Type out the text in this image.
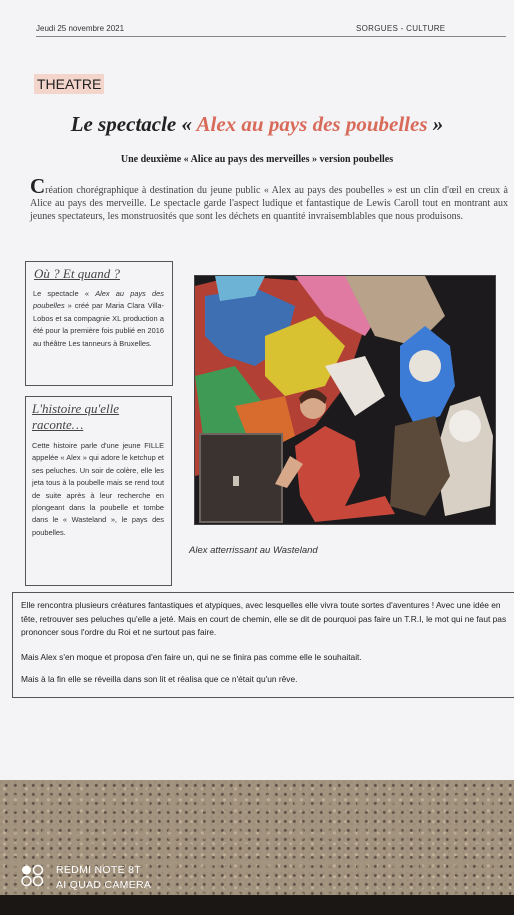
Jeudi 25 novembre 2021	SORGUES - CULTURE
THEATRE
Le spectacle « Alex au pays des poubelles »
Une deuxième « Alice au pays des merveilles » version poubelles
Création chorégraphique à destination du jeune public « Alex au pays des poubelles » est un clin d'œil en creux à Alice au pays des merveille. Le spectacle garde l'aspect ludique et fantastique de Lewis Caroll tout en montrant aux jeunes spectateurs, les monstruosités que sont les déchets en quantité invraisemblables que nous produisons.
Où ? Et quand ?
Le spectacle « Alex au pays des poubelles » créé par Maria Clara Villa-Lobos et sa compagnie XL production a été pour la première fois publié en 2016 au théâtre Les tanneurs à Bruxelles.
L'histoire qu'elle raconte…
Cette histoire parle d'une jeune FILLE appelée « Alex » qui adore le ketchup et ses peluches. Un soir de colère, elle les jeta tous à la poubelle mais se rend tout de suite après à leur recherche en plongeant dans la poubelle et tombe dans le « Wasteland », le pays des poubelles.
Alex atterrissant au Wasteland

Elle rencontra plusieurs créatures fantastiques et atypiques, avec lesquelles elle vivra toute sortes d'aventures ! Avec une idée en tête, retrouver ses peluches qu'elle a jeté. Mais en court de chemin, elle se dit de pourquoi pas faire un T.R.I, le mot qui ne faut pas prononcer sous l'ordre du Roi et ne surtout pas faire.

Mais Alex s'en moque et proposa d'en faire un, qui ne se finira pas comme elle le souhaitait.

Mais à la fin elle se réveilla dans son lit et réalisa que ce n'était qu'un rêve.

REDMI NOTE 8T
AI QUAD CAMERA
